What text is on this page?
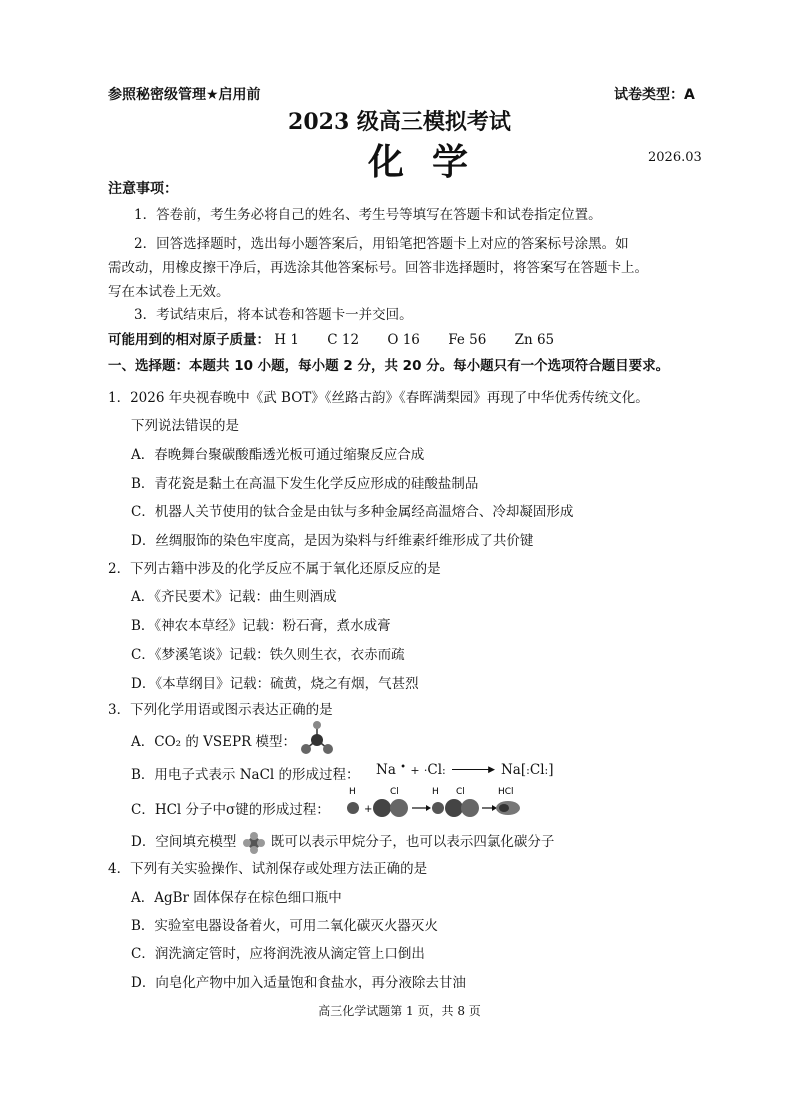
参照秘密级管理★启用前	试卷类型：A
2023 级高三模拟考试
化学	2026.03
注意事项：
1．答卷前，考生务必将自己的姓名、考生号等填写在答题卡和试卷指定位置。
2．回答选择题时，选出每小题答案后，用铅笔把答题卡上对应的答案标号涂黑。如
需改动，用橡皮擦干净后，再选涂其他答案标号。回答非选择题时，将答案写在答题卡上。
写在本试卷上无效。
3．考试结束后，将本试卷和答题卡一并交回。
可能用到的相对原子质量： H 1 C 12 O 16 Fe 56 Zn 65
一、选择题：本题共 10 小题，每小题 2 分，共 20 分。每小题只有一个选项符合题目要求。
1．2026 年央视春晚中《武 BOT》《丝路古韵》《春晖满梨园》再现了中华优秀传统文化。
下列说法错误的是
A．春晚舞台聚碳酸酯透光板可通过缩聚反应合成
B．青花瓷是黏土在高温下发生化学反应形成的硅酸盐制品
C．机器人关节使用的钛合金是由钛与多种金属经高温熔合、冷却凝固形成
D．丝绸服饰的染色牢度高，是因为染料与纤维素纤维形成了共价键
2．下列古籍中涉及的化学反应不属于氧化还原反应的是
A．《齐民要术》记载：曲生则酒成
B．《神农本草经》记载：粉石膏，煮水成膏
C．《梦溪笔谈》记载：铁久则生衣，衣赤而疏
D．《本草纲目》记载：硫黄，烧之有烟，气甚烈
3．下列化学用语或图示表达正确的是
A．CO₂ 的 VSEPR 模型：
B．用电子式表示 NaCl 的形成过程： Na • + ·Cl:	▶ Na[:Cl:]
C．HCl 分子中σ键的形成过程：
H	Cl	H Cl	HCl
+
D．空间填充模型	既可以表示甲烷分子，也可以表示四氯化碳分子
4．下列有关实验操作、试剂保存或处理方法正确的是
A．AgBr 固体保存在棕色细口瓶中
B．实验室电器设备着火，可用二氧化碳灭火器灭火
C．润洗滴定管时，应将润洗液从滴定管上口倒出
D．向皂化产物中加入适量饱和食盐水，再分液除去甘油
高三化学试题第 1 页，共 8 页
